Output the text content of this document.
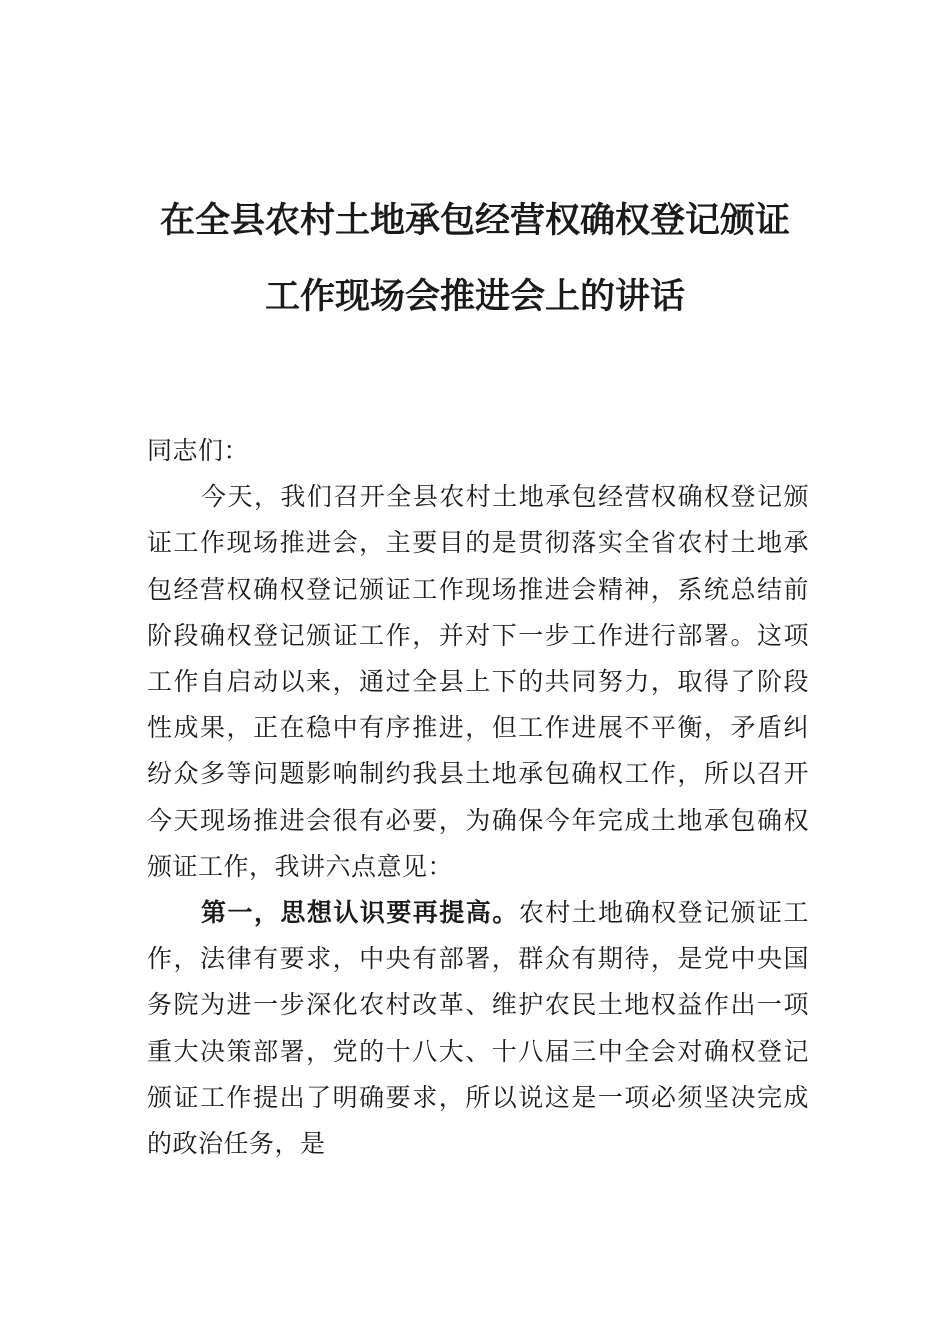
在全县农村土地承包经营权确权登记颁证
工作现场会推进会上的讲话

同志们：

今天，我们召开全县农村土地承包经营权确权登记颁证工作现场推进会，主要目的是贯彻落实全省农村土地承包经营权确权登记颁证工作现场推进会精神，系统总结前阶段确权登记颁证工作，并对下一步工作进行部署。这项工作自启动以来，通过全县上下的共同努力，取得了阶段性成果，正在稳中有序推进，但工作进展不平衡，矛盾纠纷众多等问题影响制约我县土地承包确权工作，所以召开今天现场推进会很有必要，为确保今年完成土地承包确权颁证工作，我讲六点意见：

第一，思想认识要再提高。农村土地确权登记颁证工作，法律有要求，中央有部署，群众有期待，是党中央国务院为进一步深化农村改革、维护农民土地权益作出一项重大决策部署，党的十八大、十八届三中全会对确权登记颁证工作提出了明确要求，所以说这是一项必须坚决完成的政治任务，是
